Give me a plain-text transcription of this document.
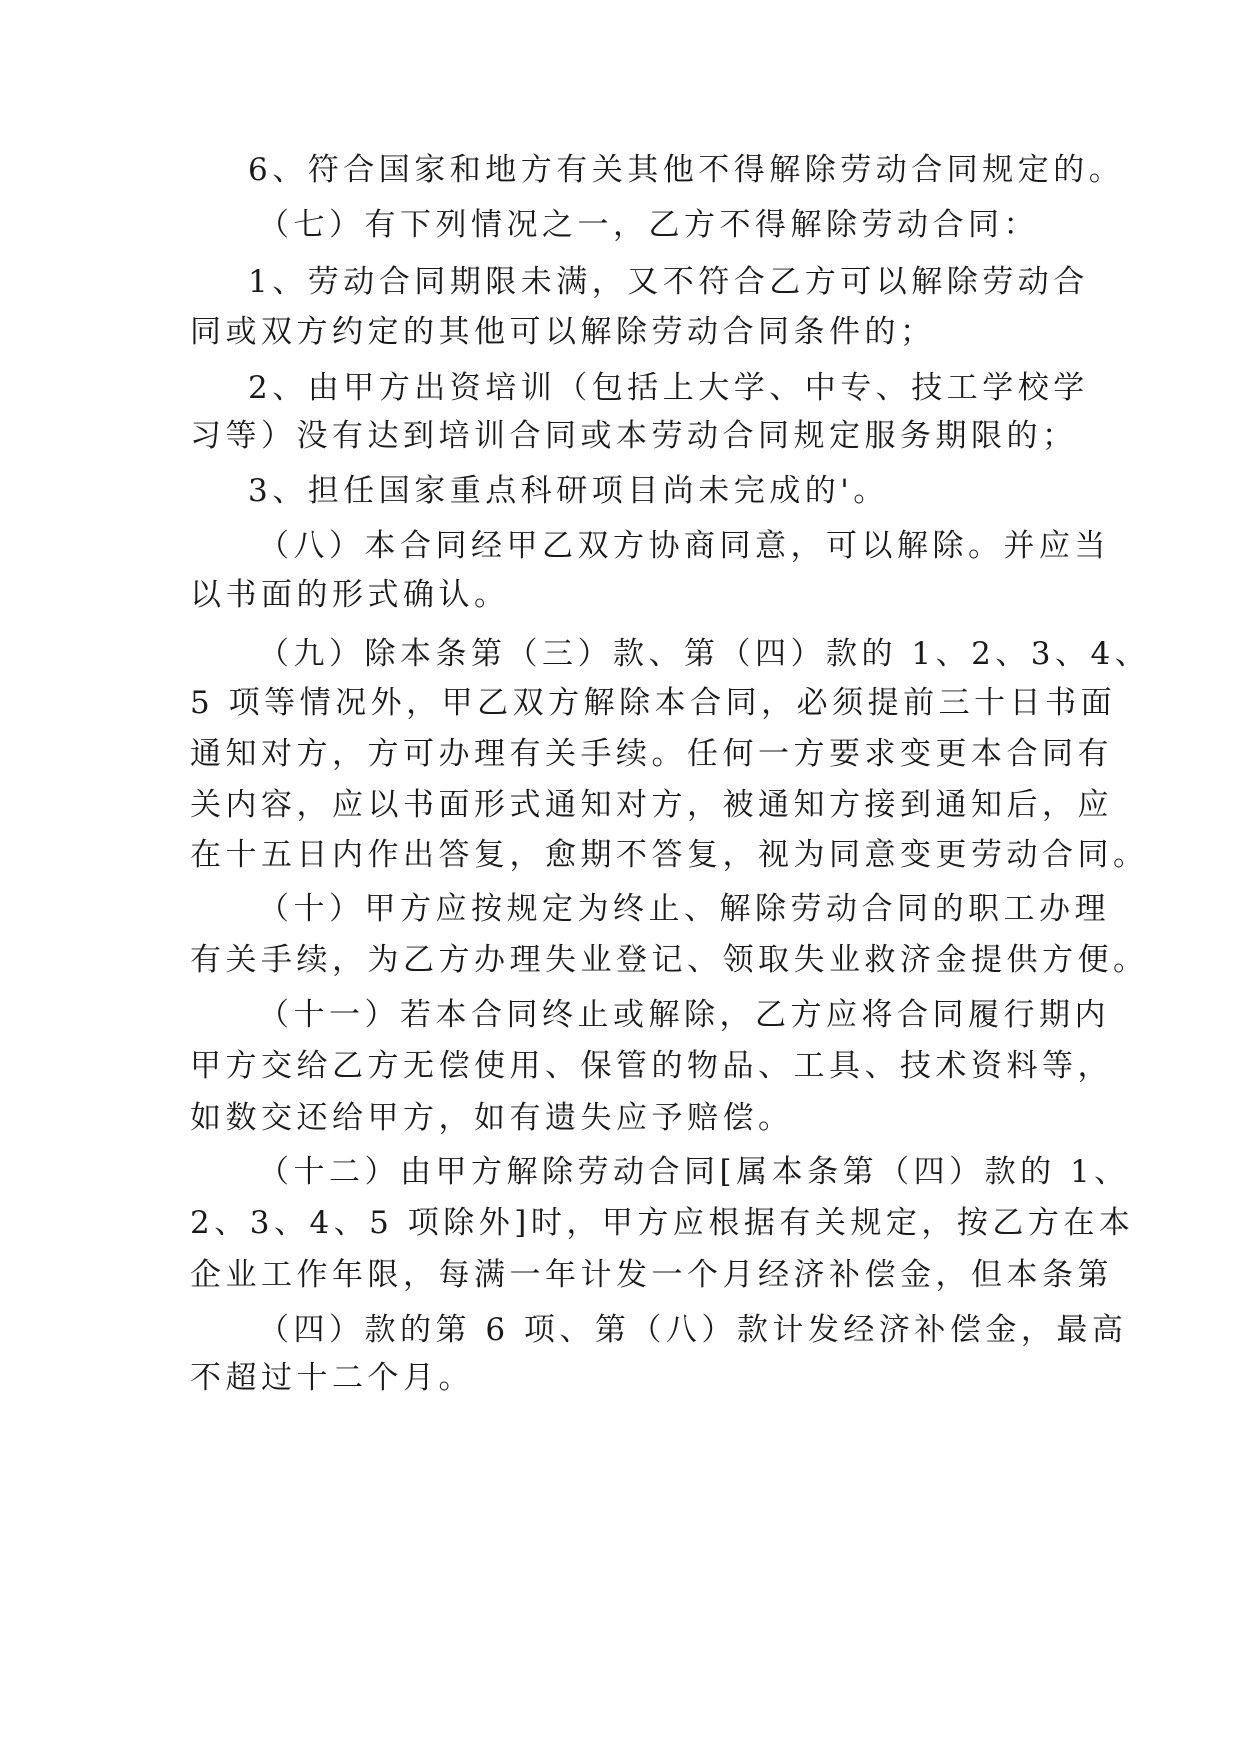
6、符合国家和地方有关其他不得解除劳动合同规定的。
（七）有下列情况之一，乙方不得解除劳动合同：
1、劳动合同期限未满，又不符合乙方可以解除劳动合
同或双方约定的其他可以解除劳动合同条件的；
2、由甲方出资培训（包括上大学、中专、技工学校学
习等）没有达到培训合同或本劳动合同规定服务期限的；
3、担任国家重点科研项目尚未完成的'。
（八）本合同经甲乙双方协商同意，可以解除。并应当
以书面的形式确认。
（九）除本条第（三）款、第（四）款的 1、2、3、4、
5 项等情况外，甲乙双方解除本合同，必须提前三十日书面
通知对方，方可办理有关手续。任何一方要求变更本合同有
关内容，应以书面形式通知对方，被通知方接到通知后，应
在十五日内作出答复，愈期不答复，视为同意变更劳动合同。
（十）甲方应按规定为终止、解除劳动合同的职工办理
有关手续，为乙方办理失业登记、领取失业救济金提供方便。
（十一）若本合同终止或解除，乙方应将合同履行期内
甲方交给乙方无偿使用、保管的物品、工具、技术资料等，
如数交还给甲方，如有遗失应予赔偿。
（十二）由甲方解除劳动合同[属本条第（四）款的 1、
2、3、4、5 项除外]时，甲方应根据有关规定，按乙方在本
企业工作年限，每满一年计发一个月经济补偿金，但本条第
（四）款的第 6 项、第（八）款计发经济补偿金，最高
不超过十二个月。
